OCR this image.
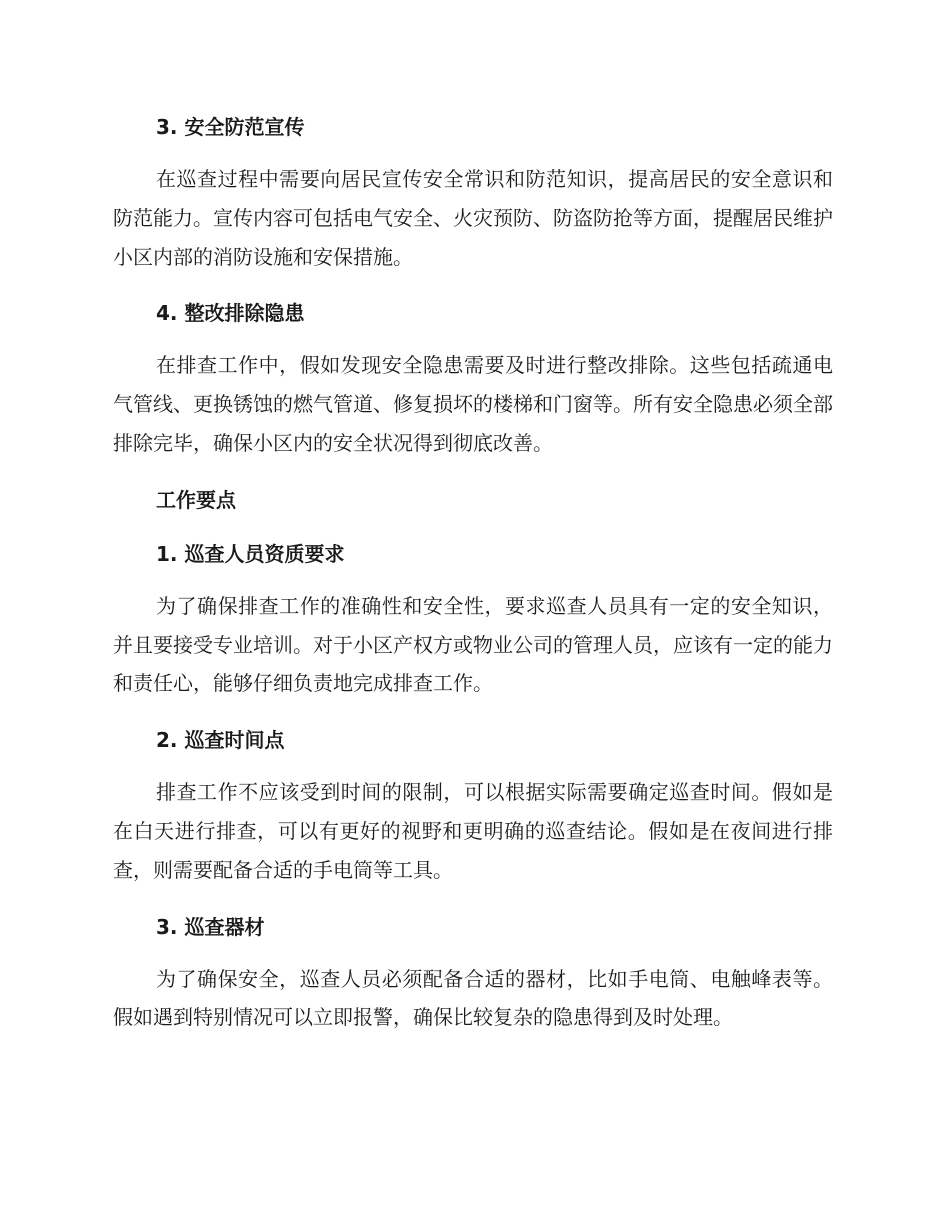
3. 安全防范宣传

在巡查过程中需要向居民宣传安全常识和防范知识，提高居民的安全意识和防范能力。宣传内容可包括电气安全、火灾预防、防盗防抢等方面，提醒居民维护小区内部的消防设施和安保措施。

4. 整改排除隐患

在排查工作中，假如发现安全隐患需要及时进行整改排除。这些包括疏通电气管线、更换锈蚀的燃气管道、修复损坏的楼梯和门窗等。所有安全隐患必须全部排除完毕，确保小区内的安全状况得到彻底改善。

工作要点
1. 巡查人员资质要求

为了确保排查工作的准确性和安全性，要求巡查人员具有一定的安全知识，并且要接受专业培训。对于小区产权方或物业公司的管理人员，应该有一定的能力和责任心，能够仔细负责地完成排查工作。

2. 巡查时间点

排查工作不应该受到时间的限制，可以根据实际需要确定巡查时间。假如是在白天进行排查，可以有更好的视野和更明确的巡查结论。假如是在夜间进行排查，则需要配备合适的手电筒等工具。

3. 巡查器材

为了确保安全，巡查人员必须配备合适的器材，比如手电筒、电触峰表等。假如遇到特别情况可以立即报警，确保比较复杂的隐患得到及时处理。
